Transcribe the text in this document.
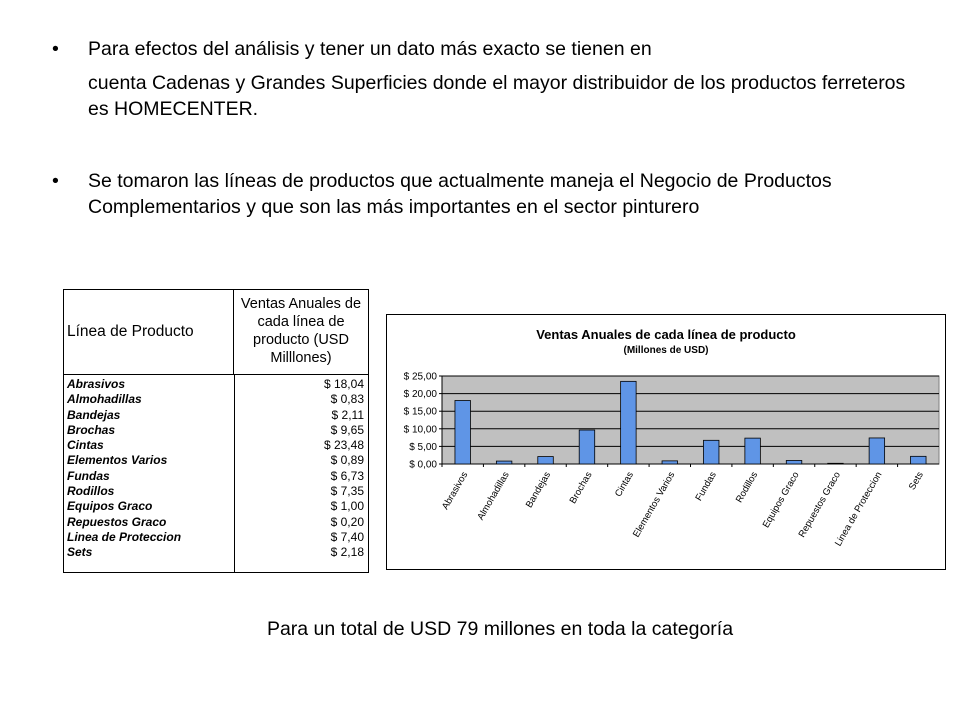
• Para efectos del análisis y tener un dato más exacto se tienen en
cuenta Cadenas y Grandes Superficies donde el mayor distribuidor de los productos ferreteros es HOMECENTER.
• Se tomaron las líneas de productos que actualmente maneja el Negocio de Productos Complementarios y que son las más importantes en el sector pinturero
Línea de Producto
Ventas Anuales de cada línea de producto (USD Milllones)
Abrasivos	$ 18,04
Almohadillas	$ 0,83
Bandejas	$ 2,11
Brochas	$ 9,65
Cintas	$ 23,48
Elementos Varios	$ 0,89
Fundas	$ 6,73
Rodillos	$ 7,35
Equipos Graco	$ 1,00
Repuestos Graco	$ 0,20
Linea de Proteccion	$ 7,40
Sets	$ 2,18
Ventas Anuales de cada línea de producto
(Millones de USD)
$ 0,00
$ 5,00
$ 10,00
$ 15,00
$ 20,00
$ 25,00
Abrasivos Almohadillas Bandejas Brochas Cintas
Elementos Varios Fundas Rodillos Equipos Graco
Repuestos Graco
Linea de Proteccion Sets
Para un total de USD 79 millones en toda la categoría
